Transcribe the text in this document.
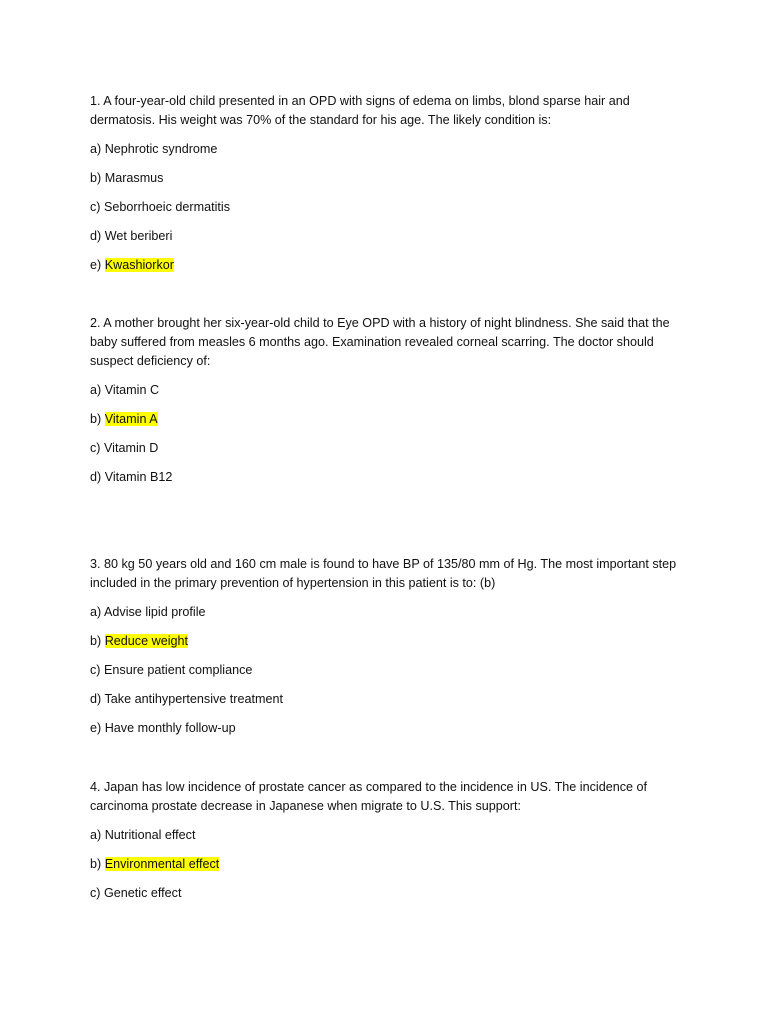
1. A four-year-old child presented in an OPD with signs of edema on limbs, blond sparse hair and dermatosis. His weight was 70% of the standard for his age. The likely condition is:

a) Nephrotic syndrome
b) Marasmus
c) Seborrhoeic dermatitis
d) Wet beriberi
e) Kwashiorkor

2. A mother brought her six-year-old child to Eye OPD with a history of night blindness. She said that the baby suffered from measles 6 months ago. Examination revealed corneal scarring. The doctor should suspect deficiency of:

a) Vitamin C
b) Vitamin A
c) Vitamin D
d) Vitamin B12

3. 80 kg 50 years old and 160 cm male is found to have BP of 135/80 mm of Hg. The most important step included in the primary prevention of hypertension in this patient is to: (b)

a) Advise lipid profile
b) Reduce weight
c) Ensure patient compliance
d) Take antihypertensive treatment
e) Have monthly follow-up

4. Japan has low incidence of prostate cancer as compared to the incidence in US. The incidence of carcinoma prostate decrease in Japanese when migrate to U.S. This support:

a) Nutritional effect
b) Environmental effect
c) Genetic effect
